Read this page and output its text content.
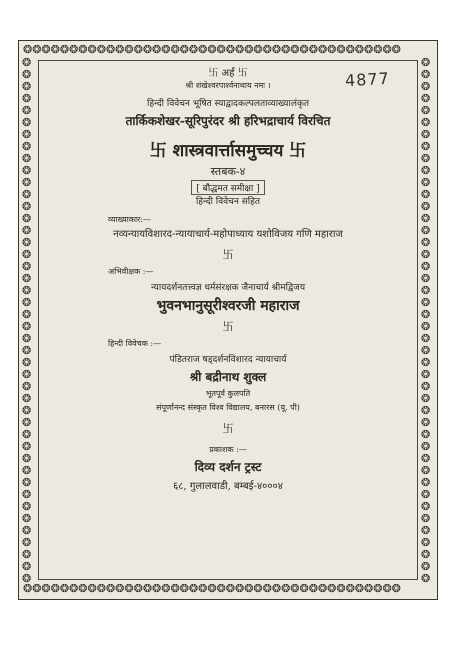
❂❂❂❂❂❂❂❂❂❂❂❂❂❂❂❂❂❂❂❂❂❂❂❂❂❂❂❂❂❂❂❂❂❂❂❂❂❂❂❂❂
❂❂❂❂❂❂❂❂❂❂❂❂❂❂❂❂❂❂❂❂❂❂❂❂❂❂❂❂❂❂❂❂❂❂❂❂❂❂❂❂❂
❂❂❂❂❂❂❂❂❂❂❂❂❂❂❂❂❂❂❂❂❂❂❂❂❂❂❂❂❂❂❂❂❂❂❂❂❂❂❂❂❂❂❂❂
❂❂❂❂❂❂❂❂❂❂❂❂❂❂❂❂❂❂❂❂❂❂❂❂❂❂❂❂❂❂❂❂❂❂❂❂❂❂❂❂❂❂❂❂
4877
卐 अर्हं 卐
श्री शंखेश्वरपार्श्वनाथाय नमः ।
हिन्दी विवेचन भूषित स्याद्वादकल्पलताव्याख्यालंकृत
तार्किकशेखर-सूरिपुरंदर श्री हरिभद्राचार्य विरचित
卐 शास्त्रवार्त्तासमुच्चय 卐
स्तबक-४
[ बौद्धमत समीक्षा ]
हिन्दी विवेचन सहित
व्याख्याकार:—
नव्यन्यायविशारद-न्यायाचार्य-महोपाध्याय यशोविजय गणि महाराज
卐
अभिवीक्षक :—
न्यायदर्शनतत्त्वज्ञ धर्मसंरक्षक जैनाचार्य श्रीमद्विजय
भुवनभानुसूरीश्वरजी महाराज
卐
हिन्दी विवेचक :—
पंडितराज षड्दर्शनविशारद न्यायाचार्य
श्री बद्रीनाथ शुक्ल
भूतपूर्व कुलपति
संपूर्णानन्द संस्कृत विश्व विद्यालय, बनारस (यू. पी)
卐
प्रकाशक :—
दिव्य दर्शन ट्रस्ट
६८, गुलालवाडी, बम्बई-४०००४
